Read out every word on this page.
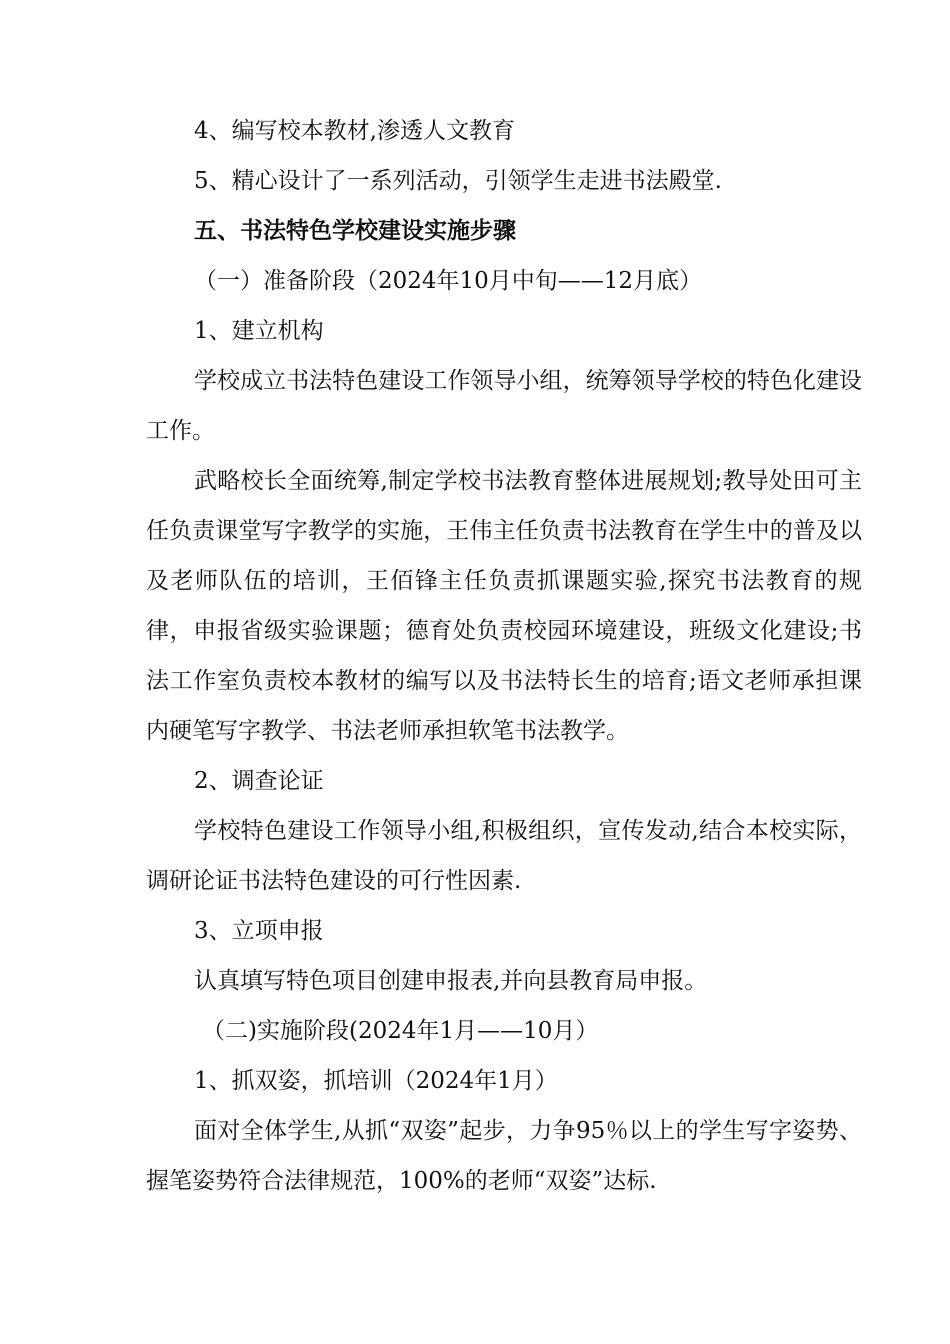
4、编写校本教材,渗透人文教育

5、精心设计了一系列活动，引领学生走进书法殿堂.

五、书法特色学校建设实施步骤

（一）准备阶段（2024年10月中旬——12月底）

1、建立机构

学校成立书法特色建设工作领导小组，统筹领导学校的特色化建设工作。

武略校长全面统筹,制定学校书法教育整体进展规划;教导处田可主任负责课堂写字教学的实施，王伟主任负责书法教育在学生中的普及以及老师队伍的培训，王佰锋主任负责抓课题实验,探究书法教育的规律，申报省级实验课题；德育处负责校园环境建设，班级文化建设;书法工作室负责校本教材的编写以及书法特长生的培育;语文老师承担课内硬笔写字教学、书法老师承担软笔书法教学。

2、调查论证

学校特色建设工作领导小组,积极组织，宣传发动,结合本校实际，调研论证书法特色建设的可行性因素.

3、立项申报

认真填写特色项目创建申报表,并向县教育局申报。

（二)实施阶段(2024年1月——10月）

1、抓双姿，抓培训（2024年1月）

面对全体学生,从抓“双姿”起步，力争95％以上的学生写字姿势、握笔姿势符合法律规范，100%的老师“双姿”达标.
